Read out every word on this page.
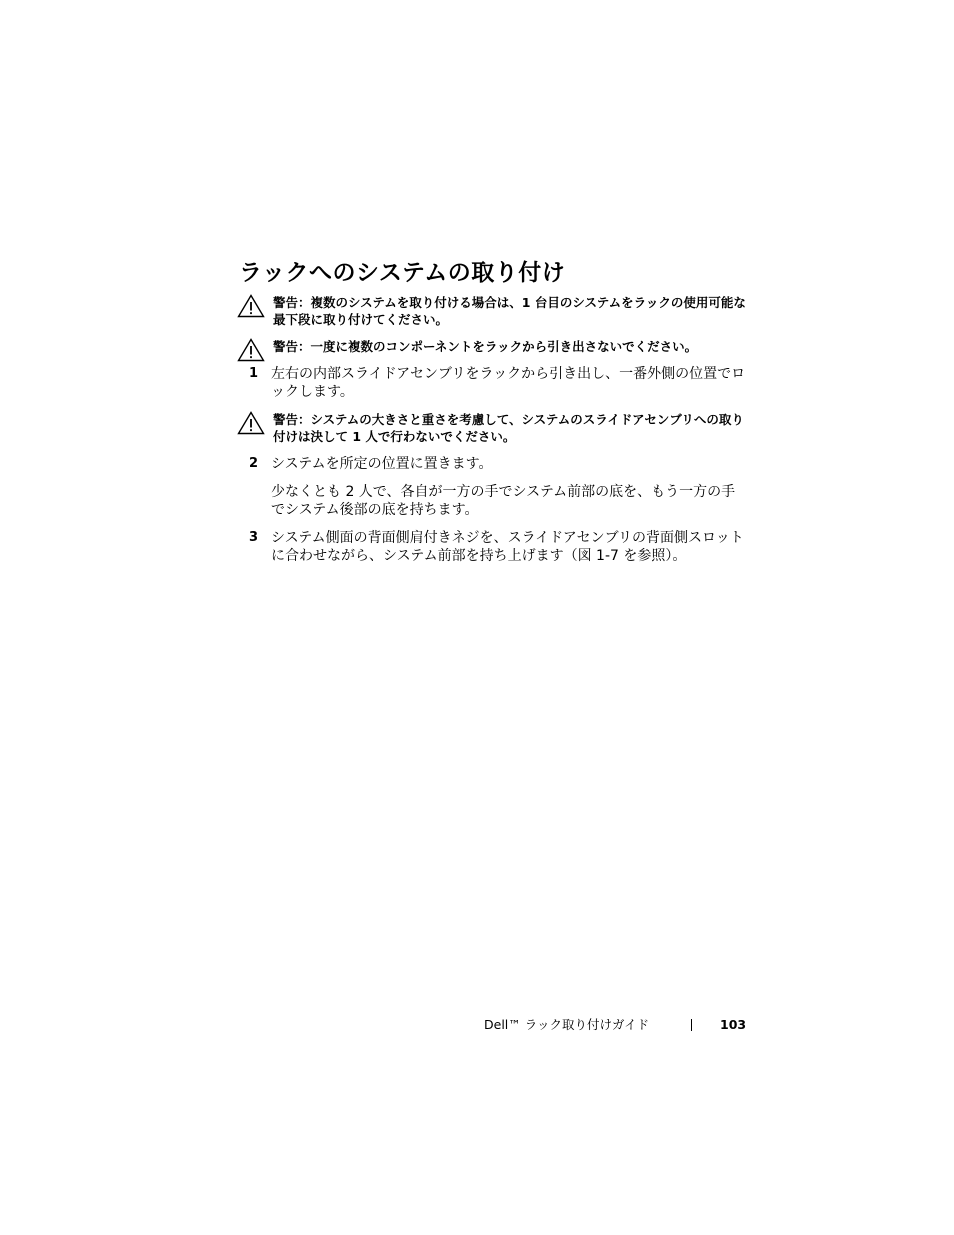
ラックへのシステムの取り付け
警告：複数のシステムを取り付ける場合は、1 台目のシステムをラックの使用可能な最下段に取り付けてください。
警告：一度に複数のコンポーネントをラックから引き出さないでください。
1 左右の内部スライドアセンブリをラックから引き出し、一番外側の位置でロックします。
警告：システムの大きさと重さを考慮して、システムのスライドアセンブリへの取り付けは決して 1 人で行わないでください。
2 システムを所定の位置に置きます。
少なくとも 2 人で、各自が一方の手でシステム前部の底を、もう一方の手でシステム後部の底を持ちます。
3 システム側面の背面側肩付きネジを、スライドアセンブリの背面側スロットに合わせながら、システム前部を持ち上げます（図 1-7 を参照）。
Dell™ ラック取り付けガイド	103
